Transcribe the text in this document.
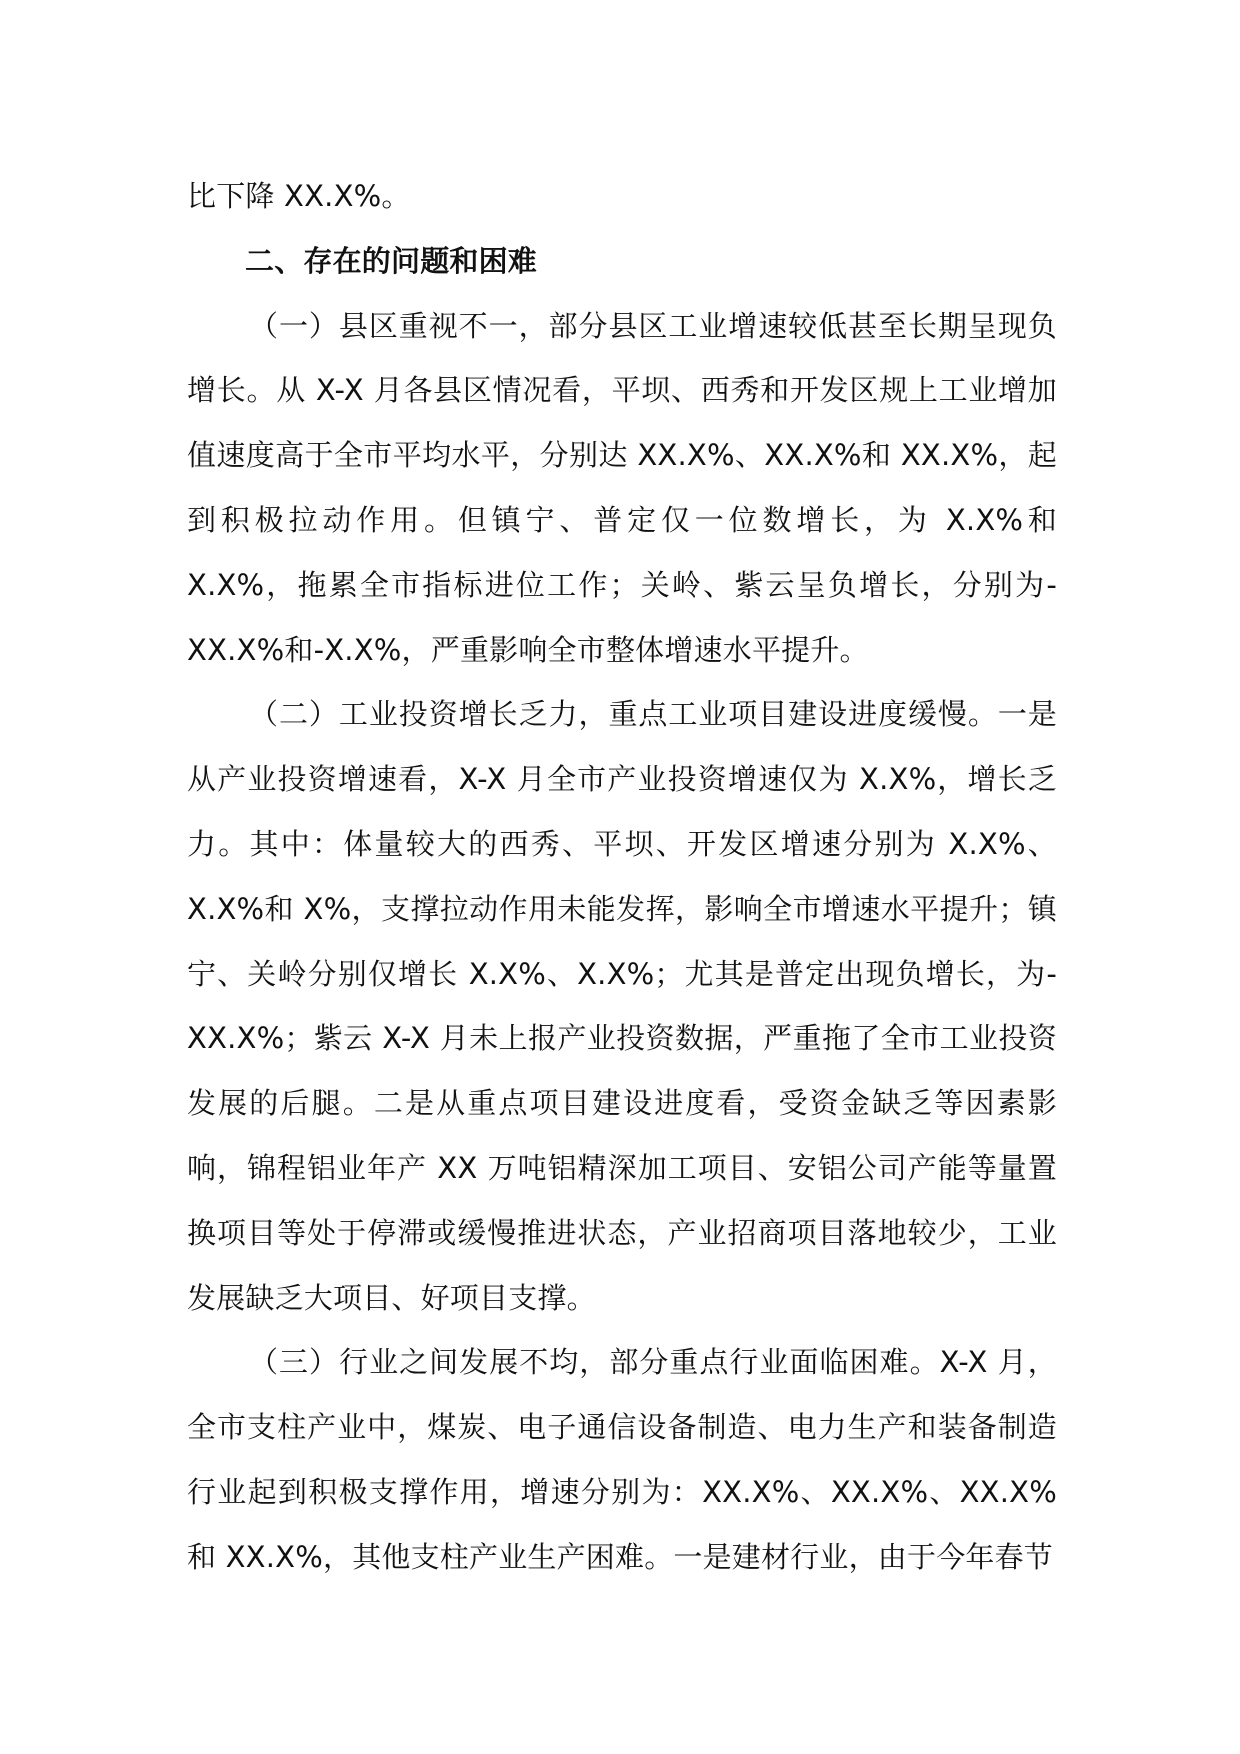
比下降 XX.X%。

二、存在的问题和困难

（一）县区重视不一，部分县区工业增速较低甚至长期呈现负增长。从 X-X 月各县区情况看，平坝、西秀和开发区规上工业增加值速度高于全市平均水平，分别达 XX.X%、XX.X%和 XX.X%，起到积极拉动作用。但镇宁、普定仅一位数增长，为 X.X%和 X.X%，拖累全市指标进位工作；关岭、紫云呈负增长，分别为-XX.X%和-X.X%，严重影响全市整体增速水平提升。

（二）工业投资增长乏力，重点工业项目建设进度缓慢。一是从产业投资增速看，X-X 月全市产业投资增速仅为 X.X%，增长乏力。其中：体量较大的西秀、平坝、开发区增速分别为 X.X%、X.X%和 X%，支撑拉动作用未能发挥，影响全市增速水平提升；镇宁、关岭分别仅增长 X.X%、X.X%；尤其是普定出现负增长，为-XX.X%；紫云 X-X 月未上报产业投资数据，严重拖了全市工业投资发展的后腿。二是从重点项目建设进度看，受资金缺乏等因素影响，锦程铝业年产 XX 万吨铝精深加工项目、安铝公司产能等量置换项目等处于停滞或缓慢推进状态，产业招商项目落地较少，工业发展缺乏大项目、好项目支撑。

（三）行业之间发展不均，部分重点行业面临困难。X-X 月，全市支柱产业中，煤炭、电子通信设备制造、电力生产和装备制造行业起到积极支撑作用，增速分别为：XX.X%、XX.X%、XX.X%和 XX.X%，其他支柱产业生产困难。一是建材行业，由于今年春节
